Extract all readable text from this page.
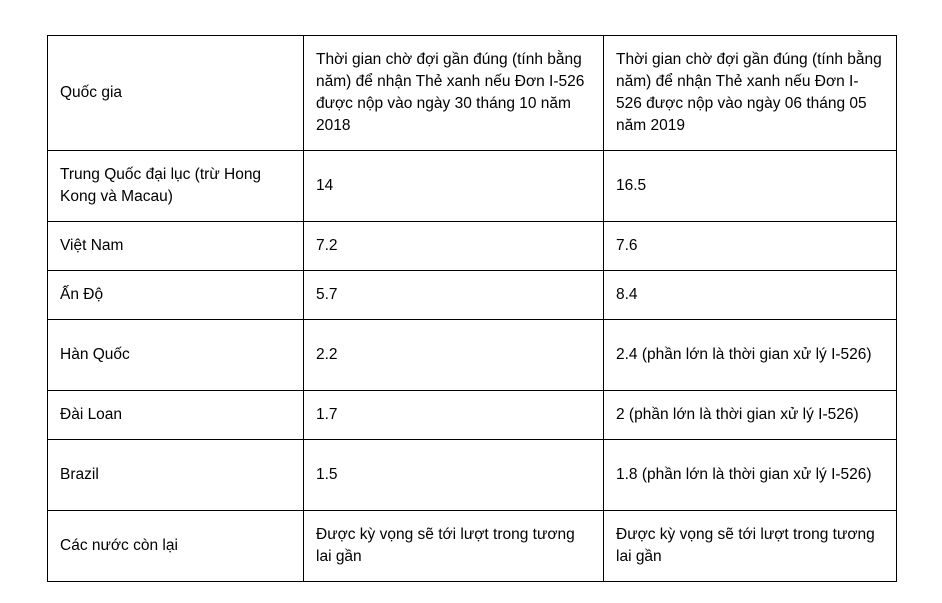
Quốc gia	Thời gian chờ đợi gần đúng (tính bằng năm) để nhận Thẻ xanh nếu Đơn I-526 được nộp vào ngày 30 tháng 10 năm 2018	Thời gian chờ đợi gần đúng (tính bằng năm) để nhận Thẻ xanh nếu Đơn I-526 được nộp vào ngày 06 tháng 05 năm 2019
Trung Quốc đại lục (trừ Hong Kong và Macau)	14	16.5
Việt Nam	7.2	7.6
Ấn Độ	5.7	8.4
Hàn Quốc	2.2	2.4 (phần lớn là thời gian xử lý I-526)
Đài Loan	1.7	2 (phần lớn là thời gian xử lý I-526)
Brazil	1.5	1.8 (phần lớn là thời gian xử lý I-526)
Các nước còn lại	Được kỳ vọng sẽ tới lượt trong tương lai gần	Được kỳ vọng sẽ tới lượt trong tương lai gần
